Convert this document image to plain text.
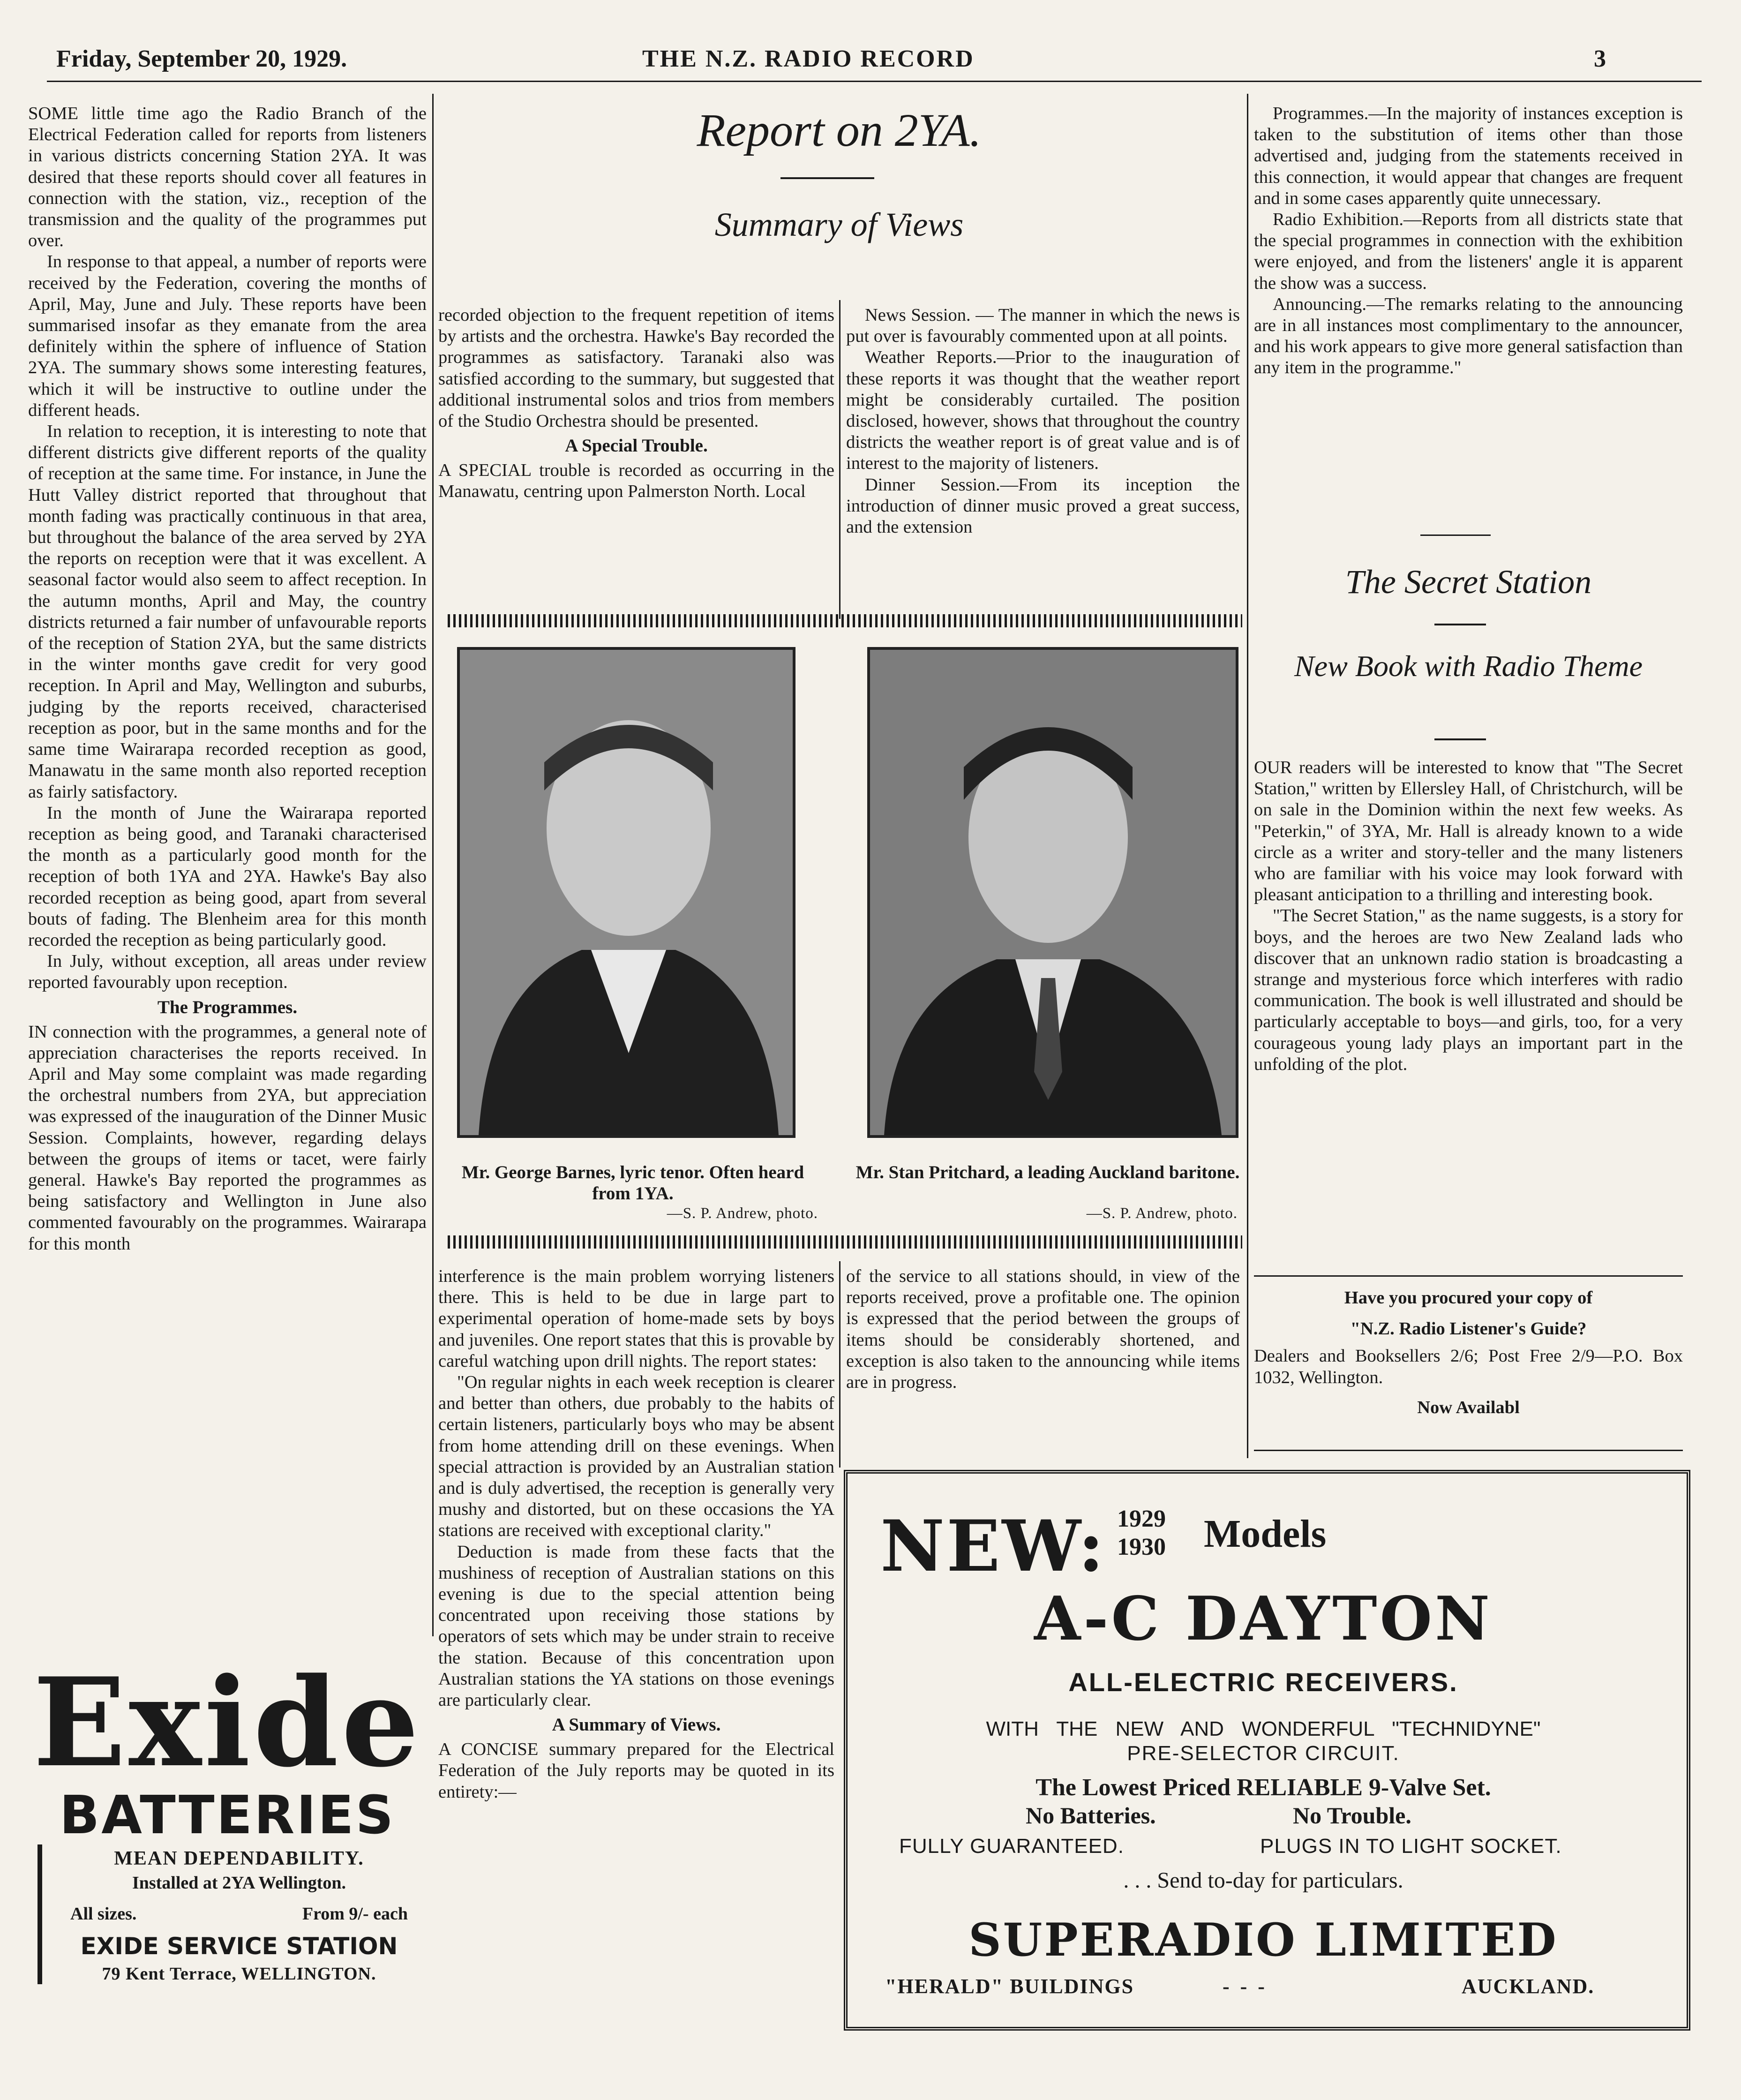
Friday, September 20, 1929.	THE N.Z. RADIO RECORD	3

SOME little time ago the Radio Branch of the Electrical Federation called for reports from listeners in various districts concerning Station 2YA. It was desired that these reports should cover all features in connection with the station, viz., reception of the transmission and the quality of the programmes put over.

In response to that appeal, a number of reports were received by the Federation, covering the months of April, May, June and July. These reports have been summarised insofar as they emanate from the area definitely within the sphere of influence of Station 2YA. The summary shows some interesting features, which it will be instructive to outline under the different heads.

In relation to reception, it is interesting to note that different districts give different reports of the quality of reception at the same time. For instance, in June the Hutt Valley district reported that throughout that month fading was practically continuous in that area, but throughout the balance of the area served by 2YA the reports on reception were that it was excellent. A seasonal factor would also seem to affect reception. In the autumn months, April and May, the country districts returned a fair number of unfavourable reports of the reception of Station 2YA, but the same districts in the winter months gave credit for very good reception. In April and May, Wellington and suburbs, judging by the reports received, characterised reception as poor, but in the same months and for the same time Wairarapa recorded reception as good, Manawatu in the same month also reported reception as fairly satisfactory.

In the month of June the Wairarapa reported reception as being good, and Taranaki characterised the month as a particularly good month for the reception of both 1YA and 2YA. Hawke's Bay also recorded reception as being good, apart from several bouts of fading. The Blenheim area for this month recorded the reception as being particularly good.

In July, without exception, all areas under review reported favourably upon reception.

The Programmes.

IN connection with the programmes, a general note of appreciation characterises the reports received. In April and May some complaint was made regarding the orchestral numbers from 2YA, but appreciation was expressed of the inauguration of the Dinner Music Session. Complaints, however, regarding delays between the groups of items or tacet, were fairly general. Hawke's Bay reported the programmes as being satisfactory and Wellington in June also commented favourably on the programmes. Wairarapa for this month

Report on 2YA.
Summary of Views

recorded objection to the frequent repetition of items by artists and the orchestra. Hawke's Bay recorded the programmes as satisfactory. Taranaki also was satisfied according to the summary, but suggested that additional instrumental solos and trios from members of the Studio Orchestra should be presented.

A Special Trouble.

A SPECIAL trouble is recorded as occurring in the Manawatu, centring upon Palmerston North. Local

News Session. — The manner in which the news is put over is favourably commented upon at all points.

Weather Reports.—Prior to the inauguration of these reports it was thought that the weather report might be considerably curtailed. The position disclosed, however, shows that throughout the country districts the weather report is of great value and is of interest to the majority of listeners.

Dinner Session.—From its inception the introduction of dinner music proved a great success, and the extension

Mr. George Barnes, lyric tenor. Often heard from 1YA.
—S. P. Andrew, photo.
Mr. Stan Pritchard, a leading Auckland baritone.
—S. P. Andrew, photo.

interference is the main problem worrying listeners there. This is held to be due in large part to experimental operation of home-made sets by boys and juveniles. One report states that this is provable by careful watching upon drill nights. The report states:

"On regular nights in each week reception is clearer and better than others, due probably to the habits of certain listeners, particularly boys who may be absent from home attending drill on these evenings. When special attraction is provided by an Australian station and is duly advertised, the reception is generally very mushy and distorted, but on these occasions the YA stations are received with exceptional clarity."

Deduction is made from these facts that the mushiness of reception of Australian stations on this evening is due to the special attention being concentrated upon receiving those stations by operators of sets which may be under strain to receive the station. Because of this concentration upon Australian stations the YA stations on those evenings are particularly clear.

A Summary of Views.

A CONCISE summary prepared for the Electrical Federation of the July reports may be quoted in its entirety:—

of the service to all stations should, in view of the reports received, prove a profitable one. The opinion is expressed that the period between the groups of items should be considerably shortened, and exception is also taken to the announcing while items are in progress.

Programmes.—In the majority of instances exception is taken to the substitution of items other than those advertised and, judging from the statements received in this connection, it would appear that changes are frequent and in some cases apparently quite unnecessary.

Radio Exhibition.—Reports from all districts state that the special programmes in connection with the exhibition were enjoyed, and from the listeners' angle it is apparent the show was a success.

Announcing.—The remarks relating to the announcing are in all instances most complimentary to the announcer, and his work appears to give more general satisfaction than any item in the programme."

The Secret Station
New Book with Radio Theme

OUR readers will be interested to know that "The Secret Station," written by Ellersley Hall, of Christchurch, will be on sale in the Dominion within the next few weeks. As "Peterkin," of 3YA, Mr. Hall is already known to a wide circle as a writer and story-teller and the many listeners who are familiar with his voice may look forward with pleasant anticipation to a thrilling and interesting book.

"The Secret Station," as the name suggests, is a story for boys, and the heroes are two New Zealand lads who discover that an unknown radio station is broadcasting a strange and mysterious force which interferes with radio communication. The book is well illustrated and should be particularly acceptable to boys—and girls, too, for a very courageous young lady plays an important part in the unfolding of the plot.

Have you procured your copy of
"N.Z. Radio Listener's Guide?
Dealers and Booksellers 2/6; Post Free 2/9—P.O. Box 1032, Wellington.
Now Availabl
Exide
BATTERIES
MEAN DEPENDABILITY.
Installed at 2YA Wellington.
All sizes.	From 9/- each
EXIDE SERVICE STATION
79 Kent Terrace, WELLINGTON.
NEW: 1929
1930 Models
A-C DAYTON
ALL-ELECTRIC RECEIVERS.
WITH THE NEW AND WONDERFUL "TECHNIDYNE"
PRE-SELECTOR CIRCUIT.
The Lowest Priced RELIABLE 9-Valve Set.
No Batteries.	No Trouble.
FULLY GUARANTEED.	PLUGS IN TO LIGHT SOCKET.
. . . Send to-day for particulars.
SUPERADIO LIMITED
"HERALD" BUILDINGS	- - -	AUCKLAND.
